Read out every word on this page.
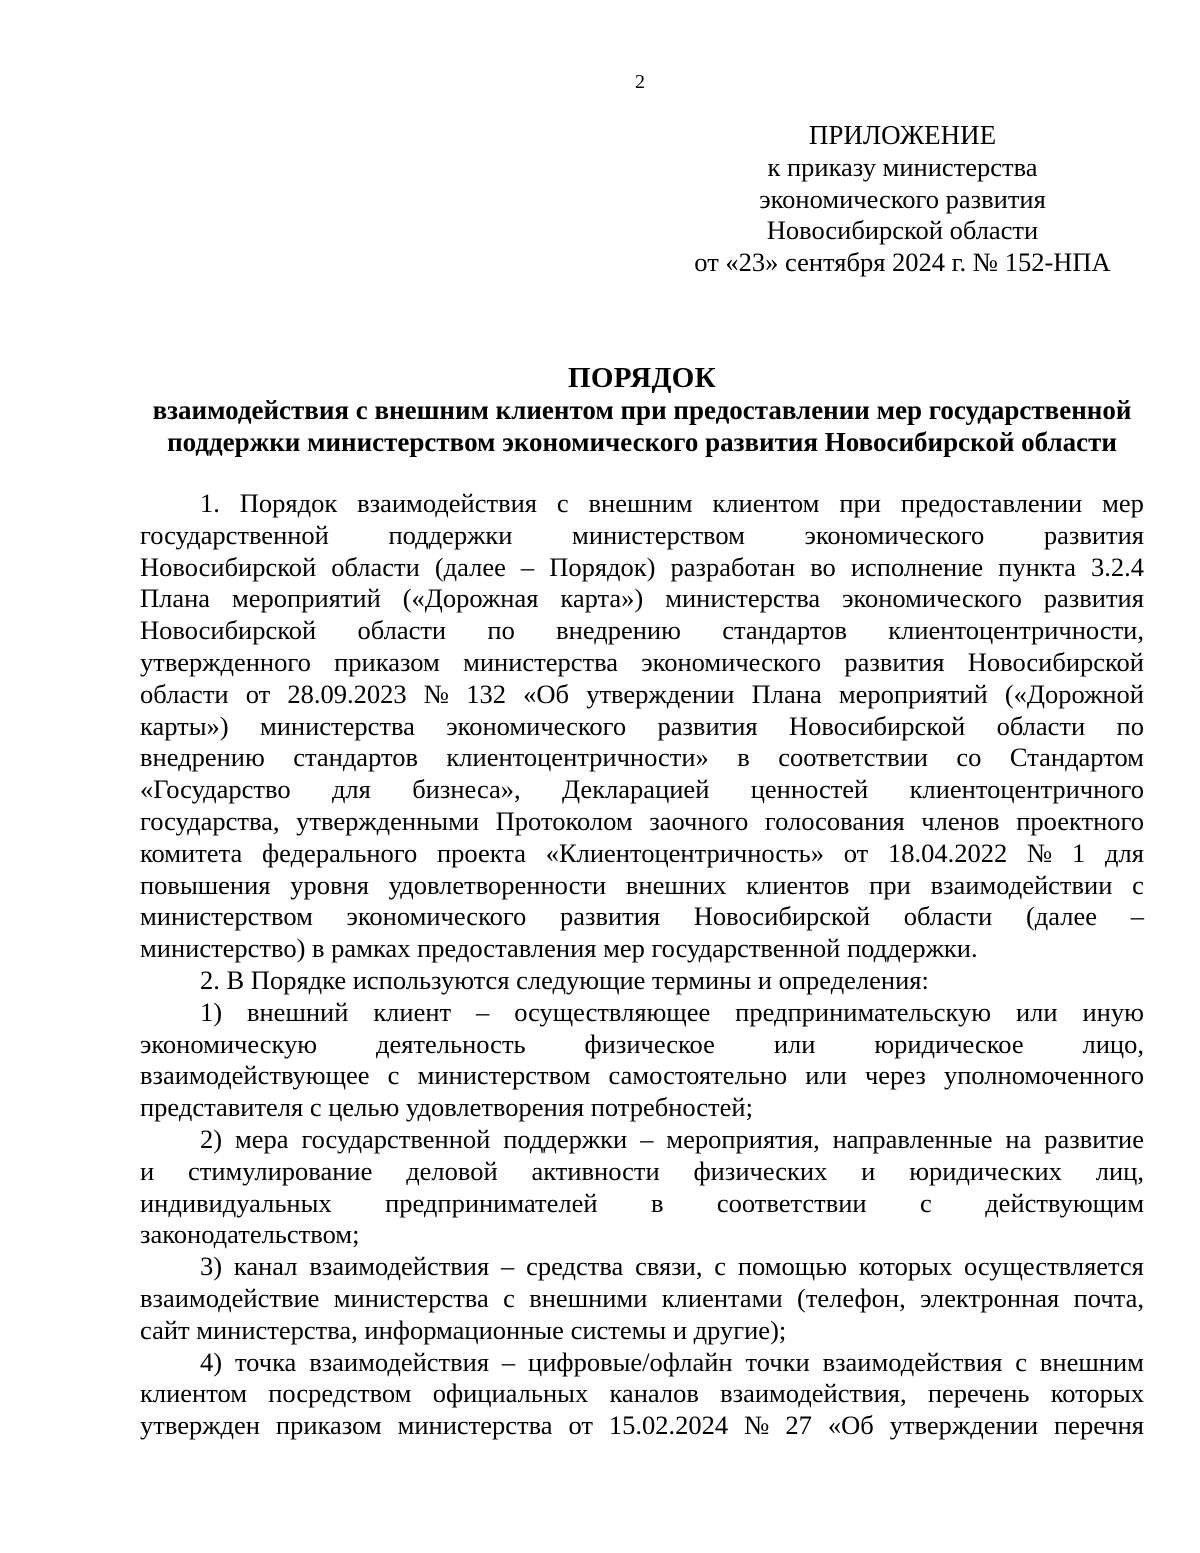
2
ПРИЛОЖЕНИЕ
к приказу министерства
экономического развития
Новосибирской области
от «23» сентября 2024 г. № 152-НПА
ПОРЯДОК
взаимодействия с внешним клиентом при предоставлении мер государственной
поддержки министерством экономического развития Новосибирской области
1. Порядок взаимодействия с внешним клиентом при предоставлении мер
государственной поддержки министерством экономического развития
Новосибирской области (далее – Порядок) разработан во исполнение пункта 3.2.4
Плана мероприятий («Дорожная карта») министерства экономического развития
Новосибирской области по внедрению стандартов клиентоцентричности,
утвержденного приказом министерства экономического развития Новосибирской
области от 28.09.2023 № 132 «Об утверждении Плана мероприятий («Дорожной
карты») министерства экономического развития Новосибирской области по
внедрению стандартов клиентоцентричности» в соответствии со Стандартом
«Государство для бизнеса», Декларацией ценностей клиентоцентричного
государства, утвержденными Протоколом заочного голосования членов проектного
комитета федерального проекта «Клиентоцентричность» от 18.04.2022 № 1 для
повышения уровня удовлетворенности внешних клиентов при взаимодействии с
министерством экономического развития Новосибирской области (далее –
министерство) в рамках предоставления мер государственной поддержки.
2. В Порядке используются следующие термины и определения:
1) внешний клиент – осуществляющее предпринимательскую или иную
экономическую деятельность физическое или юридическое лицо,
взаимодействующее с министерством самостоятельно или через уполномоченного
представителя с целью удовлетворения потребностей;
2) мера государственной поддержки – мероприятия, направленные на развитие
и стимулирование деловой активности физических и юридических лиц,
индивидуальных предпринимателей в соответствии с действующим
законодательством;
3) канал взаимодействия – средства связи, с помощью которых осуществляется
взаимодействие министерства с внешними клиентами (телефон, электронная почта,
сайт министерства, информационные системы и другие);
4) точка взаимодействия – цифровые/офлайн точки взаимодействия с внешним
клиентом посредством официальных каналов взаимодействия, перечень которых
утвержден приказом министерства от 15.02.2024 № 27 «Об утверждении перечня
